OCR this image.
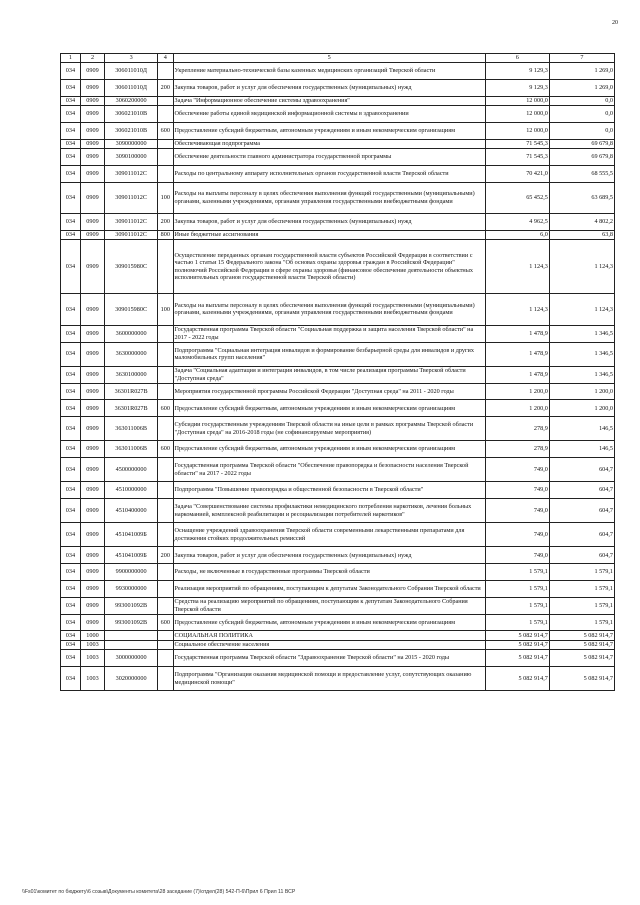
20
1	2	3	4	5	6	7
034	0909	306011010Д		Укрепление материально-технической базы казенных медицинских организаций Тверской области	9 129,3	1 269,0
034	0909	306011010Д	200	Закупка товаров, работ и услуг для обеспечения государственных (муниципальных) нужд	9 129,3	1 269,0
034	0909	3060200000		Задача "Информационное обеспечение системы здравоохранения"	12 000,0	0,0
034	0909	306021010В		Обеспечение работы единой медицинской информационной системы в здравоохранении	12 000,0	0,0
034	0909	306021010В	600	Предоставление субсидий бюджетным, автономным учреждениям и иным некоммерческим организациям	12 000,0	0,0
034	0909	3090000000		Обеспечивающая подпрограмма	71 545,3	69 679,8
034	0909	3090100000		Обеспечение деятельности главного администратора государственной программы	71 545,3	69 679,8
034	0909	309011012С		Расходы по центральному аппарату исполнительных органов государственной власти Тверской области	70 421,0	68 555,5
034	0909	309011012С	100	Расходы на выплаты персоналу в целях обеспечения выполнения функций государственными (муниципальными) органами, казенными учреждениями, органами управления государственными внебюджетными фондами	65 452,5	63 689,5
034	0909	309011012С	200	Закупка товаров, работ и услуг для обеспечения государственных (муниципальных) нужд	4 962,5	4 802,2
034	0909	309011012С	800	Иные бюджетные ассигнования	6,0	63,8
034	0909	309015980С		Осуществление переданных органам государственной власти субъектов Российской Федерации в соответствии с частью 1 статьи 15 Федерального закона "Об основах охраны здоровья граждан в Российской Федерации" полномочий Российской Федерации в сфере охраны здоровья (финансовое обеспечение деятельности объектных исполнительных органов государственной власти Тверской области)	1 124,3	1 124,3
034	0909	309015980С	100	Расходы на выплаты персоналу в целях обеспечения выполнения функций государственными (муниципальными) органами, казенными учреждениями, органами управления государственными внебюджетными фондами	1 124,3	1 124,3
034	0909	3600000000		Государственная программа Тверской области "Социальная поддержка и защита населения Тверской области" на 2017 - 2022 годы	1 478,9	1 346,5
034	0909	3630000000		Подпрограмма "Социальная интеграция инвалидов и формирование безбарьерной среды для инвалидов и других маломобильных групп населения"	1 478,9	1 346,5
034	0909	3630100000		Задача "Социальная адаптация и интеграция инвалидов, в том числе реализация программы Тверской области "Доступная среда"	1 478,9	1 346,5
034	0909	36301R027В		Мероприятия государственной программы Российской Федерации "Доступная среда" на 2011 - 2020 годы	1 200,0	1 200,0
034	0909	36301R027В	600	Предоставление субсидий бюджетным, автономным учреждениям и иным некоммерческим организациям	1 200,0	1 200,0
034	0909	363011006В		Субсидии государственным учреждениям Тверской области на иные цели в рамках программы Тверской области "Доступная среда" на 2016-2018 годы (не софинансируемые мероприятия)	278,9	146,5
034	0909	363011006В	600	Предоставление субсидий бюджетным, автономным учреждениям и иным некоммерческим организациям	278,9	146,5
034	0909	4500000000		Государственная программа Тверской области "Обеспечение правопорядка и безопасности населения Тверской области" на 2017 - 2022 годы	749,0	604,7
034	0909	4510000000		Подпрограмма "Повышение правопорядка и общественной безопасности в Тверской области"	749,0	604,7
034	0909	4510400000		Задача "Совершенствование системы профилактики немедицинского потребления наркотиков, лечения больных наркоманией, комплексной реабилитации и ресоциализации потребителей наркотиков"	749,0	604,7
034	0909	451041009Б		Оснащение учреждений здравоохранения Тверской области современными лекарственными препаратами для достижения стойких продолжительных ремиссий	749,0	604,7
034	0909	451041009Б	200	Закупка товаров, работ и услуг для обеспечения государственных (муниципальных) нужд	749,0	604,7
034	0909	9900000000		Расходы, не включенные в государственные программы Тверской области	1 579,1	1 579,1
034	0909	9930000000		Реализация мероприятий по обращениям, поступающим к депутатам Законодательного Собрания Тверской области	1 579,1	1 579,1
034	0909	993001092В		Средства на реализацию мероприятий по обращениям, поступающим к депутатам Законодательного Собрания Тверской области	1 579,1	1 579,1
034	0909	993001092В	600	Предоставление субсидий бюджетным, автономным учреждениям и иным некоммерческим организациям	1 579,1	1 579,1
034	1000			СОЦИАЛЬНАЯ ПОЛИТИКА	5 082 914,7	5 082 914,7
034	1003			Социальное обеспечение населения	5 082 914,7	5 082 914,7
034	1003	3000000000		Государственная программа Тверской области "Здравоохранение Тверской области" на 2015 - 2020 годы	5 082 914,7	5 082 914,7
034	1003	3020000000		Подпрограмма "Организация оказания медицинской помощи и предоставление услуг, сопутствующих оказанию медицинской помощи"	5 082 914,7	5 082 914,7
\\Fs01\комитет по бюджету\6 созыв\Документы комитета\28 заседание (7)\отдел(28) 542-П-6\Прил 6 Прил 11 ВСР
